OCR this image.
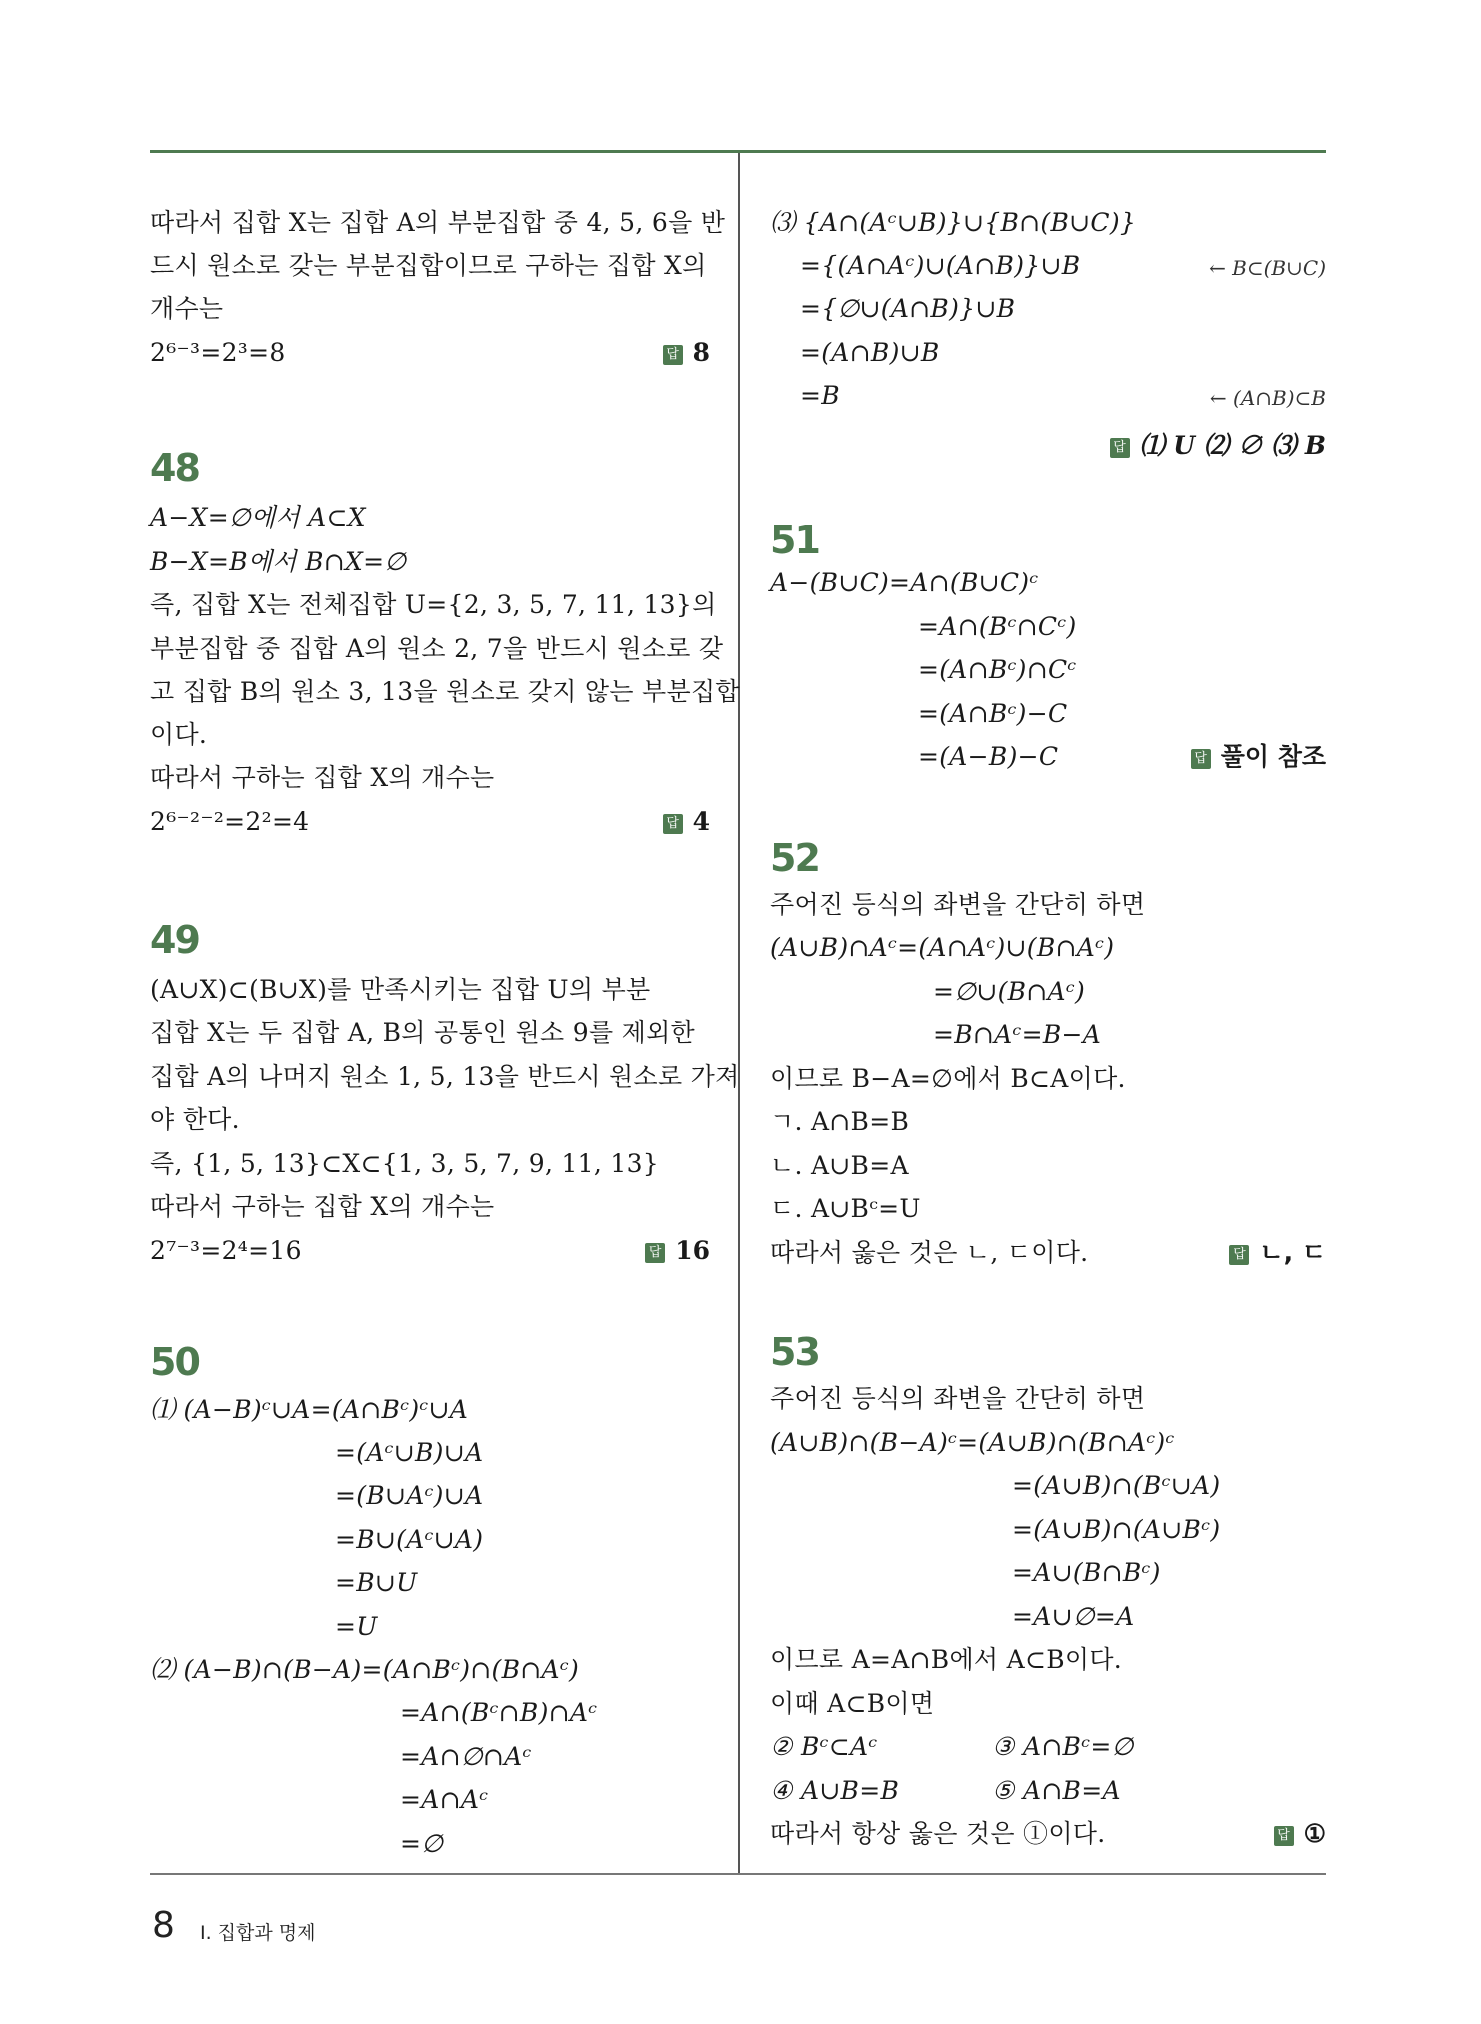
따라서 집합 X는 집합 A의 부분집합 중 4, 5, 6을 반
드시 원소로 갖는 부분집합이므로 구하는 집합 X의
개수는
2⁶⁻³=2³=8	답 8
48
A−X=∅에서 A⊂X
B−X=B에서 B∩X=∅
즉, 집합 X는 전체집합 U={2, 3, 5, 7, 11, 13}의
부분집합 중 집합 A의 원소 2, 7을 반드시 원소로 갖
고 집합 B의 원소 3, 13을 원소로 갖지 않는 부분집합
이다.
따라서 구하는 집합 X의 개수는
2⁶⁻²⁻²=2²=4	답 4
49
(A∪X)⊂(B∪X)를 만족시키는 집합 U의 부분
집합 X는 두 집합 A, B의 공통인 원소 9를 제외한
집합 A의 나머지 원소 1, 5, 13을 반드시 원소로 가져
야 한다.
즉, {1, 5, 13}⊂X⊂{1, 3, 5, 7, 9, 11, 13}
따라서 구하는 집합 X의 개수는
2⁷⁻³=2⁴=16	답 16
50
⑴ (A−B)ᶜ∪A=(A∩Bᶜ)ᶜ∪A
=(Aᶜ∪B)∪A
=(B∪Aᶜ)∪A
=B∪(Aᶜ∪A)
=B∪U
=U
⑵ (A−B)∩(B−A)=(A∩Bᶜ)∩(B∩Aᶜ)
=A∩(Bᶜ∩B)∩Aᶜ
=A∩∅∩Aᶜ
=A∩Aᶜ
=∅
⑶ {A∩(Aᶜ∪B)}∪{B∩(B∪C)}
={(A∩Aᶜ)∪(A∩B)}∪B	← B⊂(B∪C)
={∅∪(A∩B)}∪B
=(A∩B)∪B
=B	← (A∩B)⊂B
답 ⑴ U ⑵ ∅ ⑶ B
51
A−(B∪C)=A∩(B∪C)ᶜ
=A∩(Bᶜ∩Cᶜ)
=(A∩Bᶜ)∩Cᶜ
=(A∩Bᶜ)−C
=(A−B)−C	답 풀이 참조
52
주어진 등식의 좌변을 간단히 하면
(A∪B)∩Aᶜ=(A∩Aᶜ)∪(B∩Aᶜ)
=∅∪(B∩Aᶜ)
=B∩Aᶜ=B−A
이므로 B−A=∅에서 B⊂A이다.
ㄱ. A∩B=B
ㄴ. A∪B=A
ㄷ. A∪Bᶜ=U
따라서 옳은 것은 ㄴ, ㄷ이다.	답 ㄴ, ㄷ
53
주어진 등식의 좌변을 간단히 하면
(A∪B)∩(B−A)ᶜ=(A∪B)∩(B∩Aᶜ)ᶜ
=(A∪B)∩(Bᶜ∪A)
=(A∪B)∩(A∪Bᶜ)
=A∪(B∩Bᶜ)
=A∪∅=A
이므로 A=A∩B에서 A⊂B이다.
이때 A⊂B이면
② Bᶜ⊂Aᶜ	③ A∩Bᶜ=∅
④ A∪B=B	⑤ A∩B=A
따라서 항상 옳은 것은 ①이다.	답 ①
8 Ⅰ. 집합과 명제
